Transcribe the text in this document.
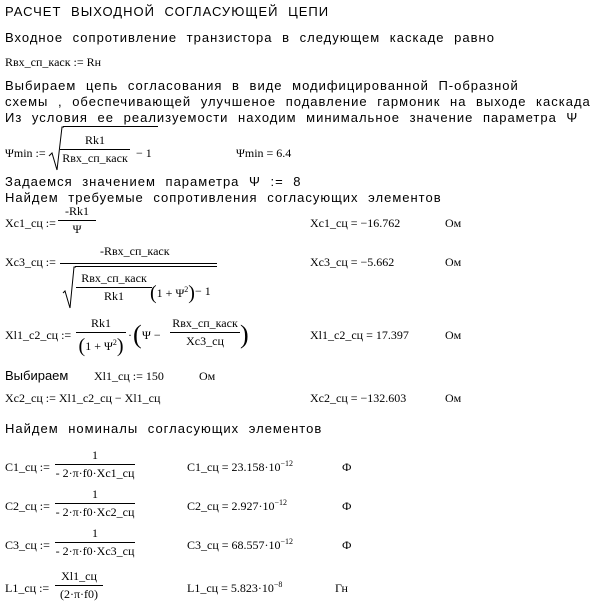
РАСЧЕТ ВЫХОДНОЙ СОГЛАСУЮЩЕЙ ЦЕПИ
Входное сопротивление транзистора в следующем каскаде равно
Rвх_сп_каск := Rн
Выбираем цепь согласования в виде модифицированной П-образной
схемы , обеспечивающей улучшеное подавление гармоник на выходе каскада
Из условия ее реализуемости находим минимальное значение параметра Ψ
Ψmin :=
Rk1
Rвх_сп_каск − 1	Ψmin = 6.4
Задаемся значением параметра Ψ := 8
Найдем требуемые сопротивления согласующих элементов
Xc1_сц :=
-Rk1
Ψ	Xc1_сц = −16.762	Ом
Xc3_сц :=
-Rвх_сп_каск
Rвх_сп_каск
Rk1 $(1 + \Psi^2) - 1$
Xc3_сц = −5.662	Ом
Xl1_c2_сц :=
Rk1
$(1 + \Psi^2)$ · ( Ψ −
Rвх_сп_каск
Xc3_сц )	Xl1_c2_сц = 17.397	Ом
Выбираем Xl1_сц := 150	Ом
Xc2_сц := Xl1_c2_сц − Xl1_сц	Xc2_сц = −132.603	Ом
Найдем номиналы согласующих элементов
C1_сц :=
1
- 2·π·f0·Xc1_сц	C1_сц = $23.158\cdot 10^{-12}$	Ф
C2_сц :=
1
- 2·π·f0·Xc2_сц	C2_сц = $2.927\cdot 10^{-12}$	Ф
C3_сц :=
1
- 2·π·f0·Xc3_сц	C3_сц = $68.557\cdot 10^{-12}$	Ф
L1_сц :=
Xl1_сц
(2·π·f0)	L1_сц = $5.823\cdot 10^{-8}$	Гн
